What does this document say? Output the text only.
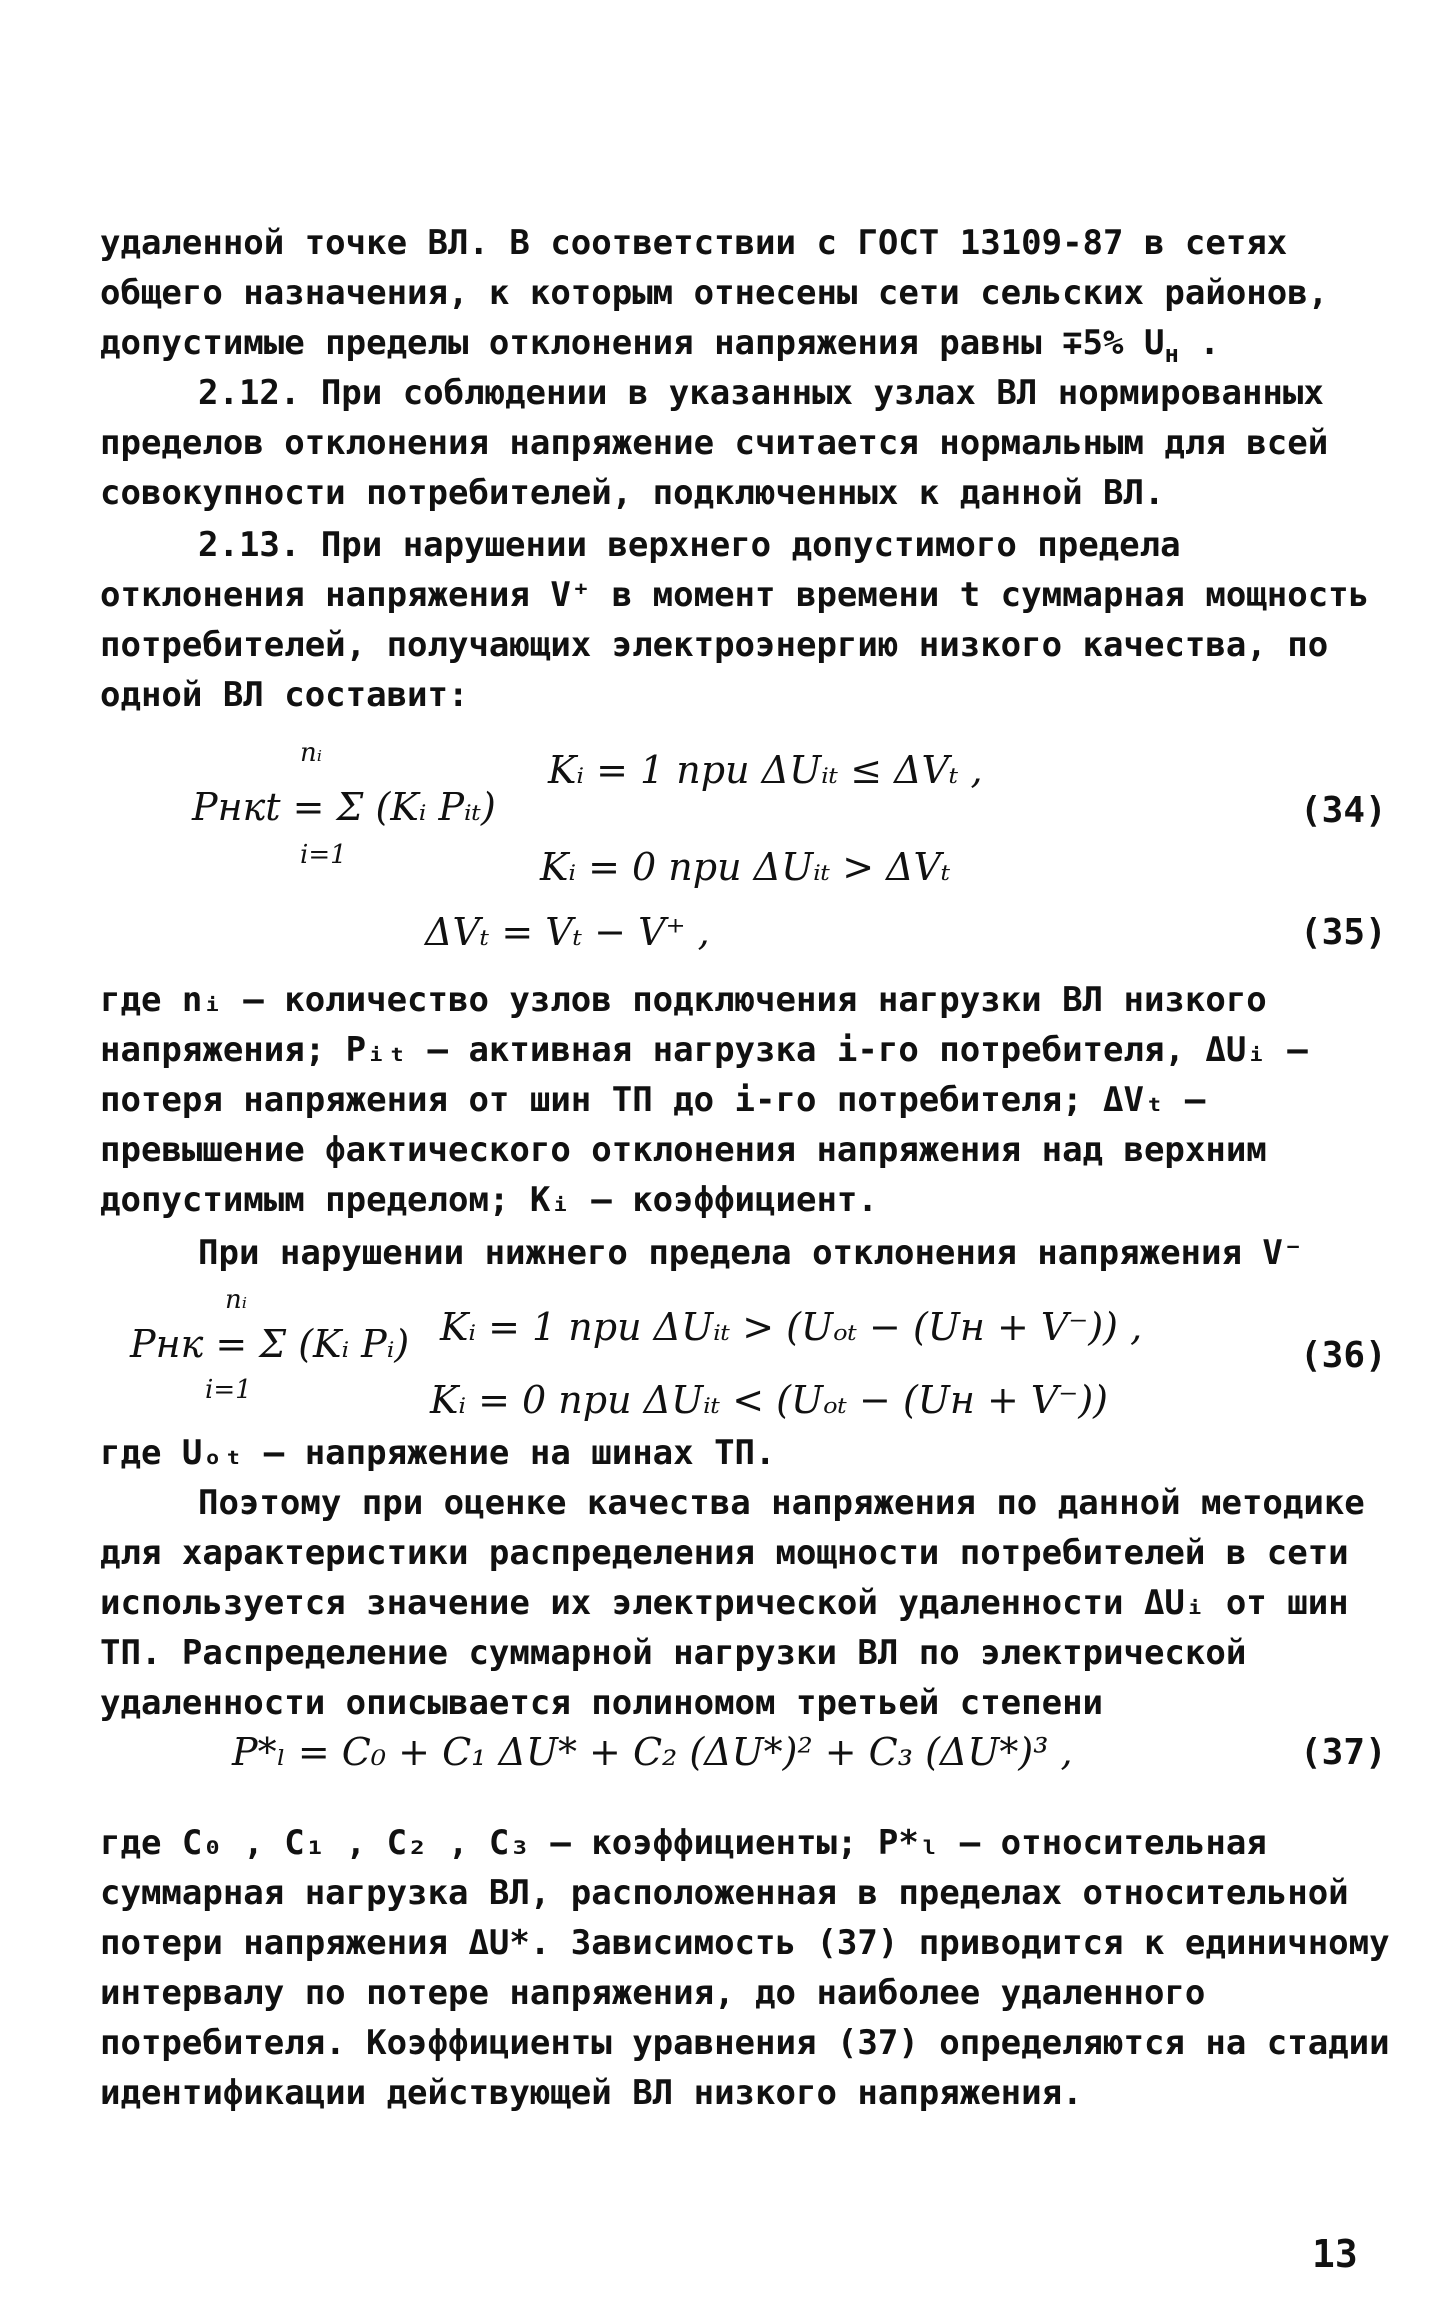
удаленной точке ВЛ. В соответствии с ГОСТ 13109-87 в сетях общего назначения, к которым отнесены сети сельских районов, допустимые пределы отклонения напряжения равны ∓5% $U_н$ .

2.12. При соблюдении в указанных узлах ВЛ нормированных пределов отклонения напряжение считается нормальным для всей совокупности потребителей, подключенных к данной ВЛ.
2.13. При нарушении верхнего допустимого предела отклонения напряжения V⁺ в момент времени t суммарная мощность потребителей, получающих электроэнергию низкого качества, по одной ВЛ составит:
nᵢ
Pнкt = Σ (Kᵢ Pᵢₜ)
i=1
Kᵢ = 1 при ΔUᵢₜ ≤ ΔVₜ ,
Kᵢ = 0 при ΔUᵢₜ > ΔVₜ
(34)
ΔVₜ = Vₜ − V⁺ ,	(35)
где nᵢ – количество узлов подключения нагрузки ВЛ низкого напряжения; Pᵢₜ – активная нагрузка i-го потребителя, ΔUᵢ – потеря напряжения от шин ТП до i-го потребителя; ΔVₜ – превышение фактического отклонения напряжения над верхним допустимым пределом; Kᵢ – коэффициент.
При нарушении нижнего предела отклонения напряжения V⁻
nᵢ
Pнк = Σ (Kᵢ Pᵢ)
i=1
Kᵢ = 1 при ΔUᵢₜ > (Uₒₜ − (Uн + V⁻)) ,
Kᵢ = 0 при ΔUᵢₜ < (Uₒₜ − (Uн + V⁻))
(36)
где Uₒₜ – напряжение на шинах ТП.
Поэтому при оценке качества напряжения по данной методике для характеристики распределения мощности потребителей в сети используется значение их электрической удаленности ΔUᵢ от шин ТП. Распределение суммарной нагрузки ВЛ по электрической удаленности описывается полиномом третьей степени
P*ₗ = C₀ + C₁ ΔU* + C₂ (ΔU*)² + C₃ (ΔU*)³ ,	(37)
где C₀ , C₁ , C₂ , C₃ – коэффициенты; P*ₗ – относительная суммарная нагрузка ВЛ, расположенная в пределах относительной потери напряжения ΔU*. Зависимость (37) приводится к единичному интервалу по потере напряжения, до наиболее удаленного потребителя. Коэффициенты уравнения (37) определяются на стадии идентификации действующей ВЛ низкого напряжения.
13
